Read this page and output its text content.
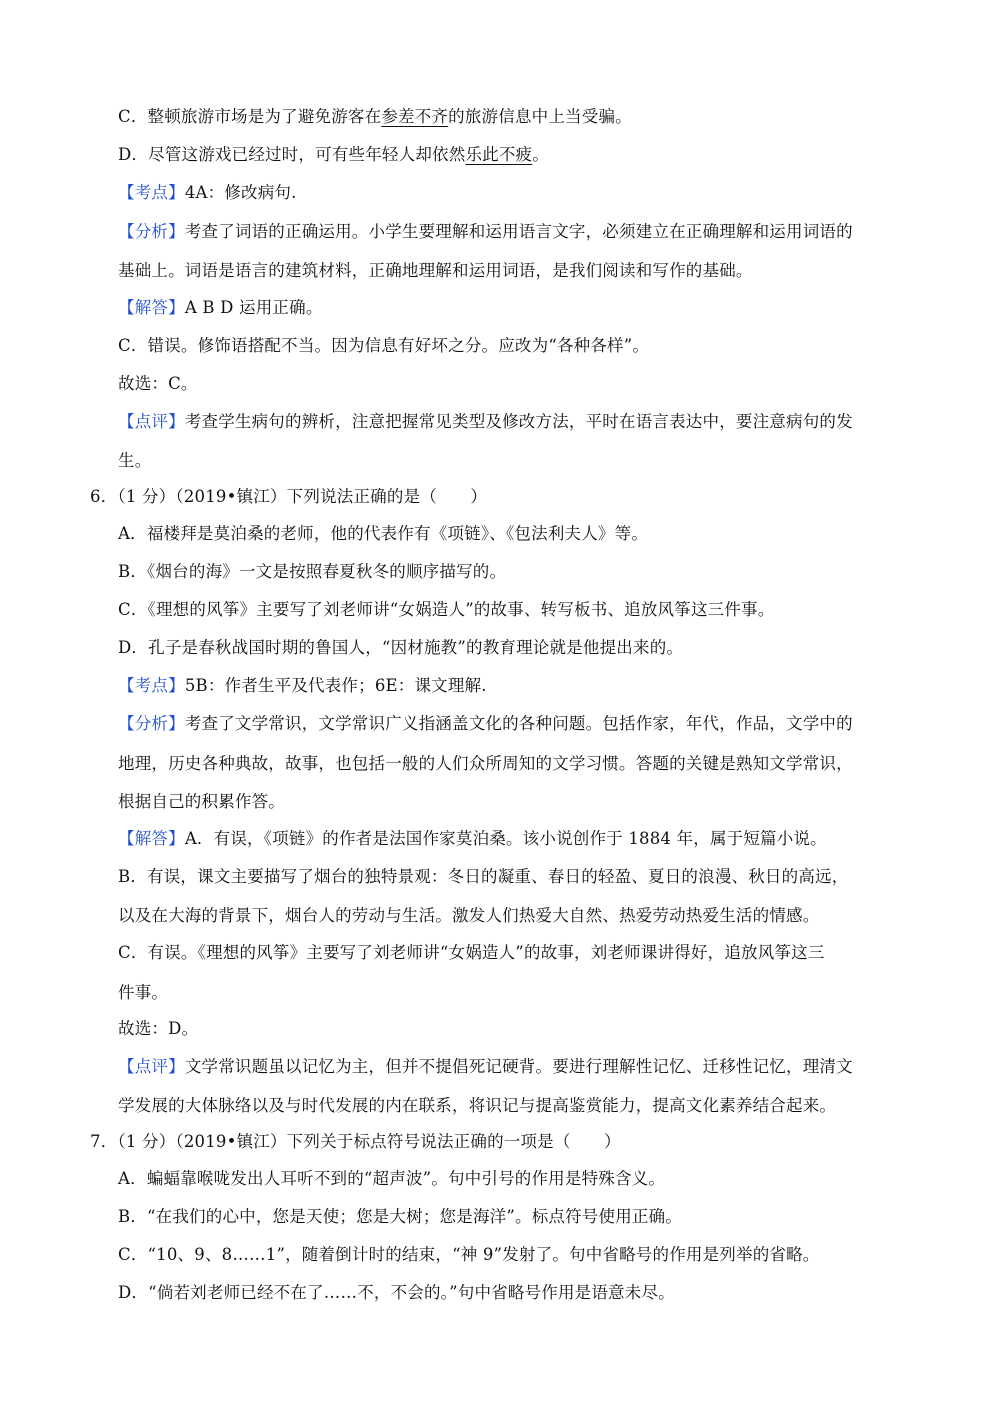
C．整顿旅游市场是为了避免游客在参差不齐的旅游信息中上当受骗。
D．尽管这游戏已经过时，可有些年轻人却依然乐此不疲。
【考点】4A：修改病句.
【分析】考查了词语的正确运用。小学生要理解和运用语言文字，必须建立在正确理解和运用词语的
基础上。词语是语言的建筑材料，正确地理解和运用词语，是我们阅读和写作的基础。
【解答】A B D 运用正确。
C．错误。修饰语搭配不当。因为信息有好坏之分。应改为“各种各样”。
故选：C。
【点评】考查学生病句的辨析，注意把握常见类型及修改方法，平时在语言表达中，要注意病句的发
生。
6．（1 分）（2019•镇江）下列说法正确的是（　　）
A．福楼拜是莫泊桑的老师，他的代表作有《项链》、《包法利夫人》等。
B．《烟台的海》一文是按照春夏秋冬的顺序描写的。
C．《理想的风筝》主要写了刘老师讲“女娲造人”的故事、转写板书、追放风筝这三件事。
D．孔子是春秋战国时期的鲁国人，“因材施教”的教育理论就是他提出来的。
【考点】5B：作者生平及代表作；6E：课文理解.
【分析】考查了文学常识，文学常识广义指涵盖文化的各种问题。包括作家，年代，作品，文学中的
地理，历史各种典故，故事，也包括一般的人们众所周知的文学习惯。答题的关键是熟知文学常识，
根据自己的积累作答。
【解答】A．有误，《项链》的作者是法国作家莫泊桑。该小说创作于 1884 年，属于短篇小说。
B．有误，课文主要描写了烟台的独特景观：冬日的凝重、春日的轻盈、夏日的浪漫、秋日的高远，
以及在大海的背景下，烟台人的劳动与生活。激发人们热爱大自然、热爱劳动热爱生活的情感。
C．有误。《理想的风筝》主要写了刘老师讲“女娲造人”的故事，刘老师课讲得好，追放风筝这三
件事。
故选：D。
【点评】文学常识题虽以记忆为主，但并不提倡死记硬背。要进行理解性记忆、迁移性记忆，理清文
学发展的大体脉络以及与时代发展的内在联系，将识记与提高鉴赏能力，提高文化素养结合起来。
7．（1 分）（2019•镇江）下列关于标点符号说法正确的一项是（　　）
A．蝙蝠靠喉咙发出人耳听不到的“超声波”。句中引号的作用是特殊含义。
B．“在我们的心中，您是天使；您是大树；您是海洋”。标点符号使用正确。
C．“10、9、8……1”，随着倒计时的结束，“神 9”发射了。句中省略号的作用是列举的省略。
D．“倘若刘老师已经不在了……不，不会的。”句中省略号作用是语意未尽。
